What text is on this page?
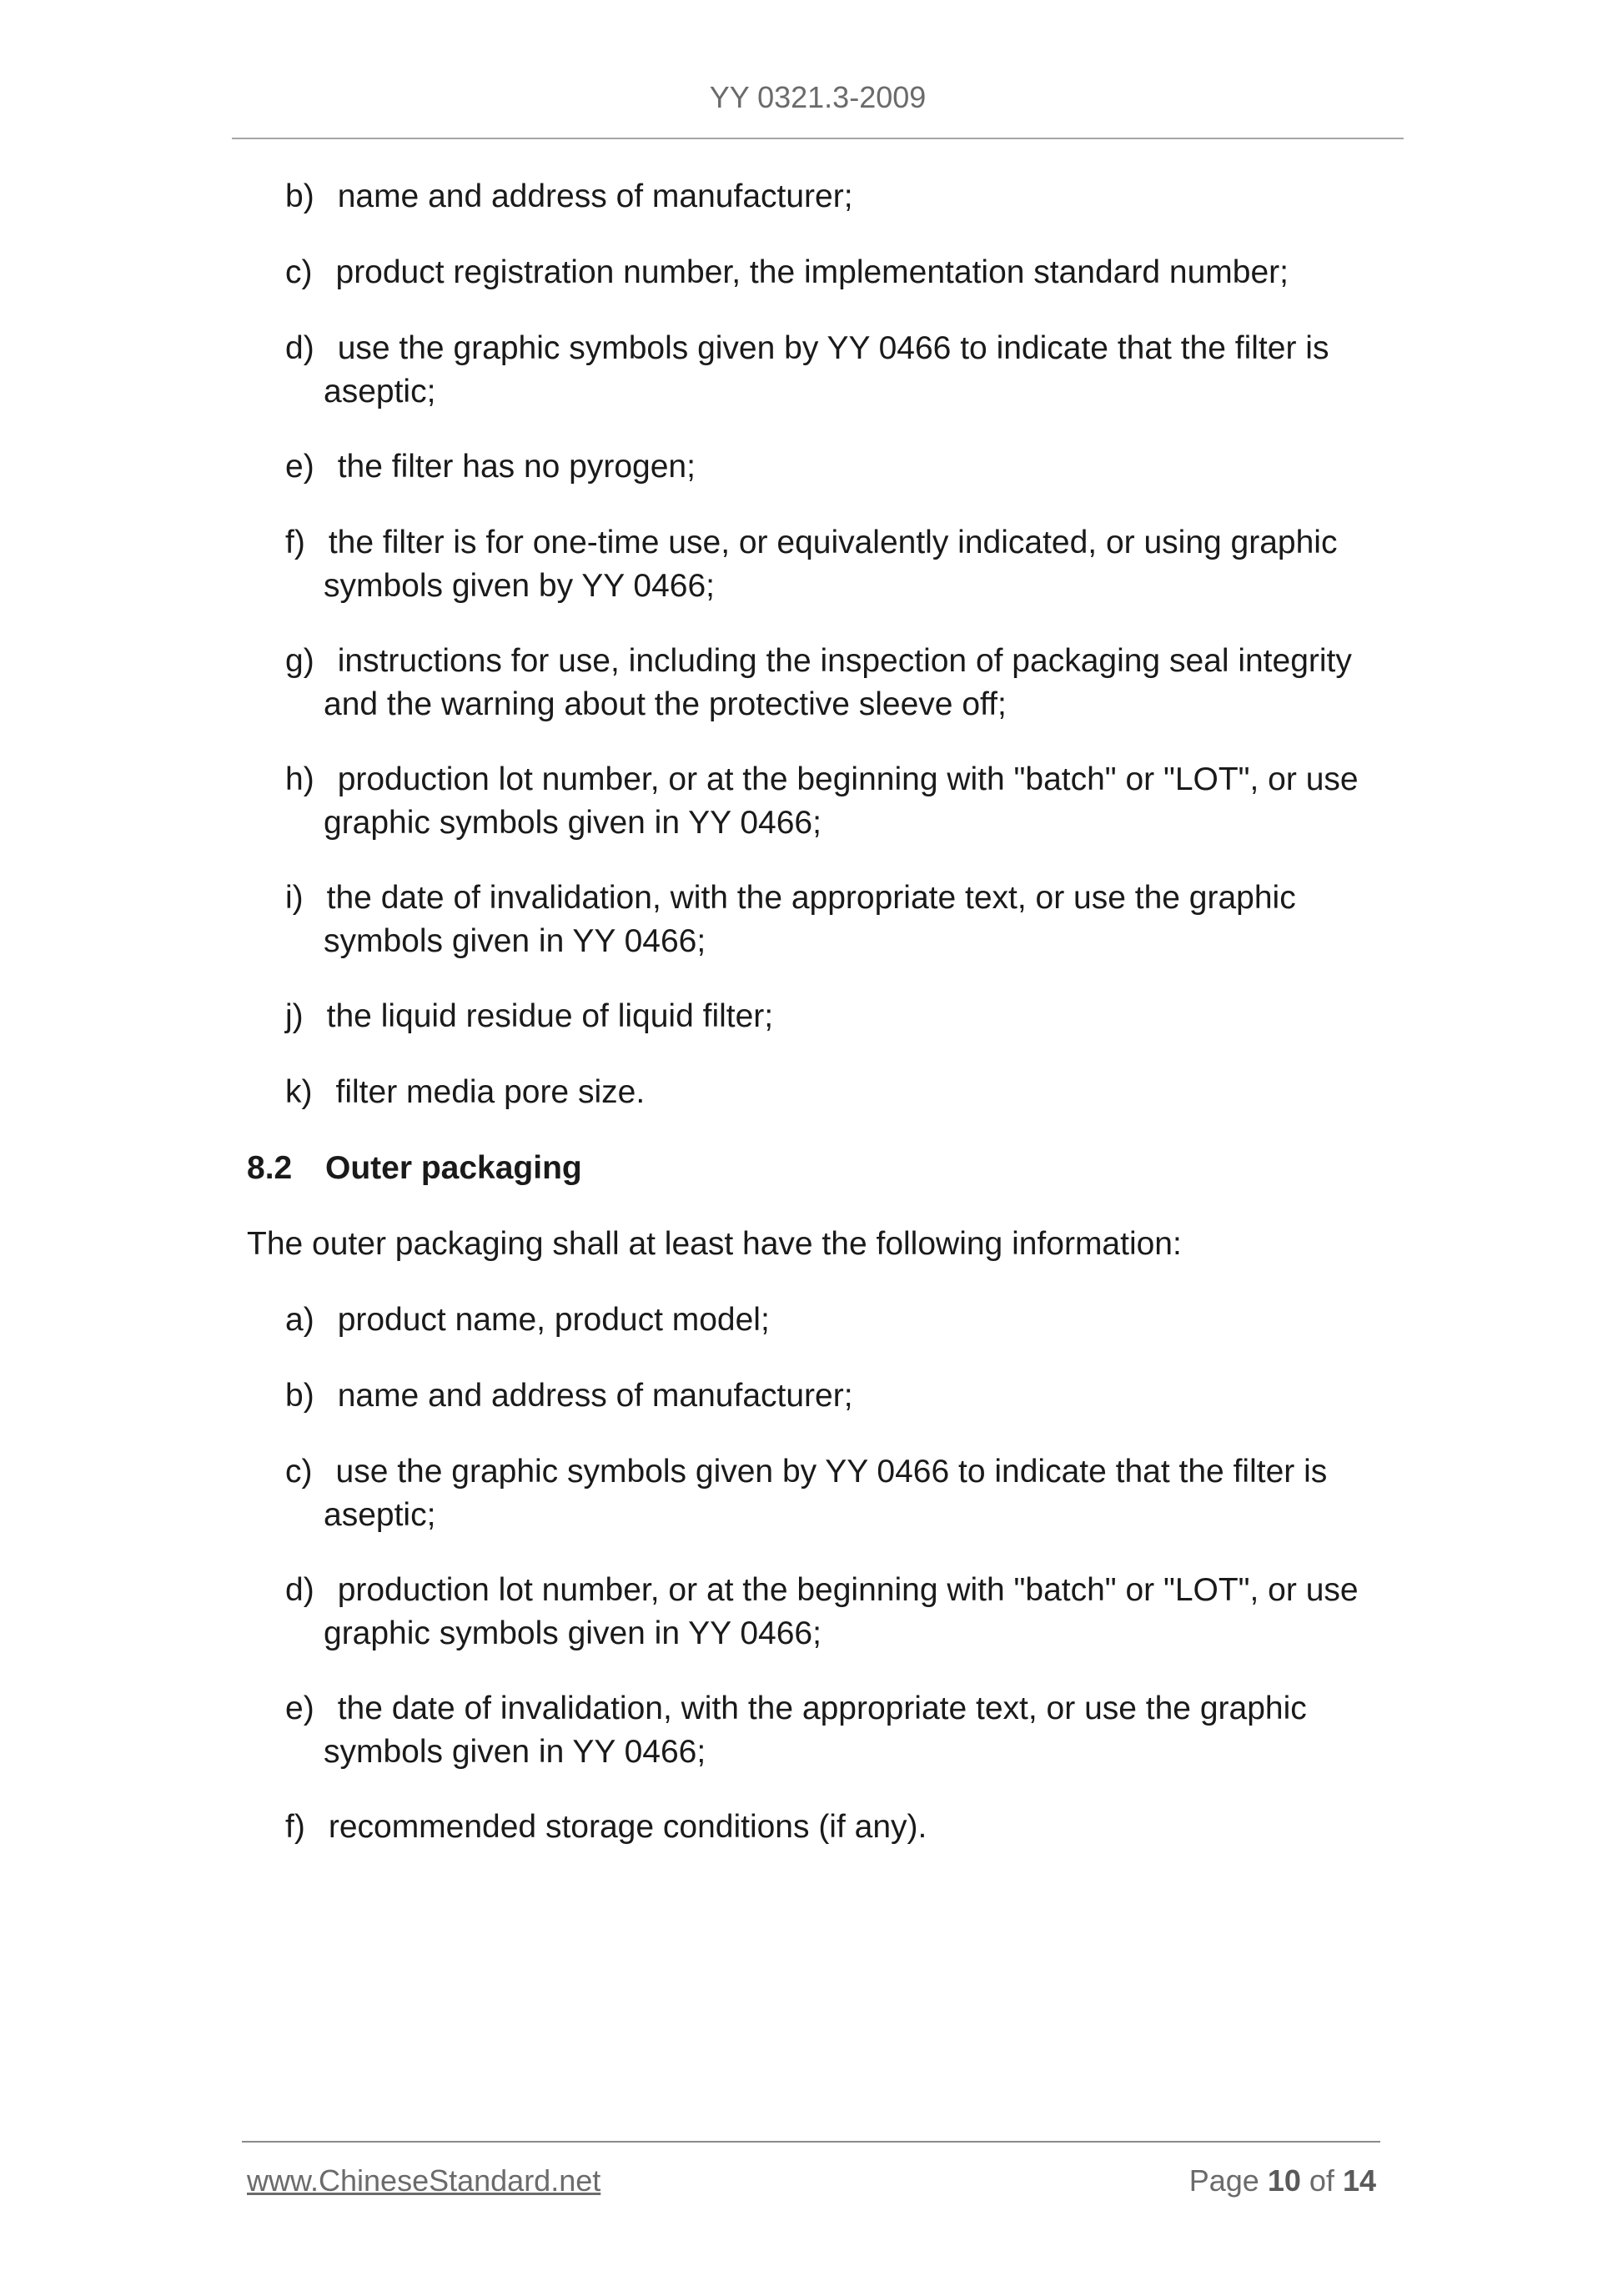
YY 0321.3-2009
b) name and address of manufacturer;
c) product registration number, the implementation standard number;
d) use the graphic symbols given by YY 0466 to indicate that the filter is
aseptic;
e) the filter has no pyrogen;
f) the filter is for one-time use, or equivalently indicated, or using graphic
symbols given by YY 0466;
g) instructions for use, including the inspection of packaging seal integrity
and the warning about the protective sleeve off;
h) production lot number, or at the beginning with "batch" or "LOT", or use
graphic symbols given in YY 0466;
i) the date of invalidation, with the appropriate text, or use the graphic
symbols given in YY 0466;
j) the liquid residue of liquid filter;
k) filter media pore size.
8.2 Outer packaging
The outer packaging shall at least have the following information:
a) product name, product model;
b) name and address of manufacturer;
c) use the graphic symbols given by YY 0466 to indicate that the filter is
aseptic;
d) production lot number, or at the beginning with "batch" or "LOT", or use
graphic symbols given in YY 0466;
e) the date of invalidation, with the appropriate text, or use the graphic
symbols given in YY 0466;
f) recommended storage conditions (if any).
www.ChineseStandard.net	Page 10 of 14
